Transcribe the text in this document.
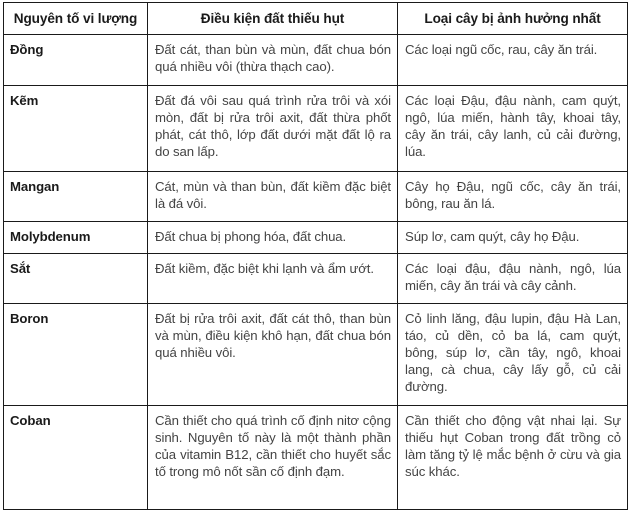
Nguyên tố vi lượng	Điều kiện đất thiếu hụt	Loại cây bị ảnh hưởng nhất
Đồng	Đất cát, than bùn và mùn, đất chua bón quá nhiều vôi (thừa thạch cao).	Các loại ngũ cốc, rau, cây ăn trái.
Kẽm	Đất đá vôi sau quá trình rửa trôi và xói mòn, đất bị rửa trôi axit, đất thừa phốt phát, cát thô, lớp đất dưới mặt đất lộ ra do san lấp.	Các loại Đậu, đậu nành, cam quýt, ngô, lúa miến, hành tây, khoai tây, cây ăn trái, cây lanh, củ cải đường, lúa.
Mangan	Cát, mùn và than bùn, đất kiềm đặc biệt là đá vôi.	Cây họ Đậu, ngũ cốc, cây ăn trái, bông, rau ăn lá.
Molybdenum	Đất chua bị phong hóa, đất chua.	Súp lơ, cam quýt, cây họ Đậu.
Sắt	Đất kiềm, đặc biệt khi lạnh và ẩm ướt.	Các loại đậu, đậu nành, ngô, lúa miến, cây ăn trái và cây cảnh.
Boron	Đất bị rửa trôi axit, đất cát thô, than bùn và mùn, điều kiện khô hạn, đất chua bón quá nhiều vôi.	Cỏ linh lăng, đậu lupin, đậu Hà Lan, táo, củ dền, cỏ ba lá, cam quýt, bông, súp lơ, cần tây, ngô, khoai lang, cà chua, cây lấy gỗ, củ cải đường.
Coban	Cần thiết cho quá trình cố định nitơ cộng sinh. Nguyên tố này là một thành phần của vitamin B12, cần thiết cho huyết sắc tố trong mô nốt sần cố định đạm.	Cần thiết cho động vật nhai lại. Sự thiếu hụt Coban trong đất trồng cỏ làm tăng tỷ lệ mắc bệnh ở cừu và gia súc khác.
